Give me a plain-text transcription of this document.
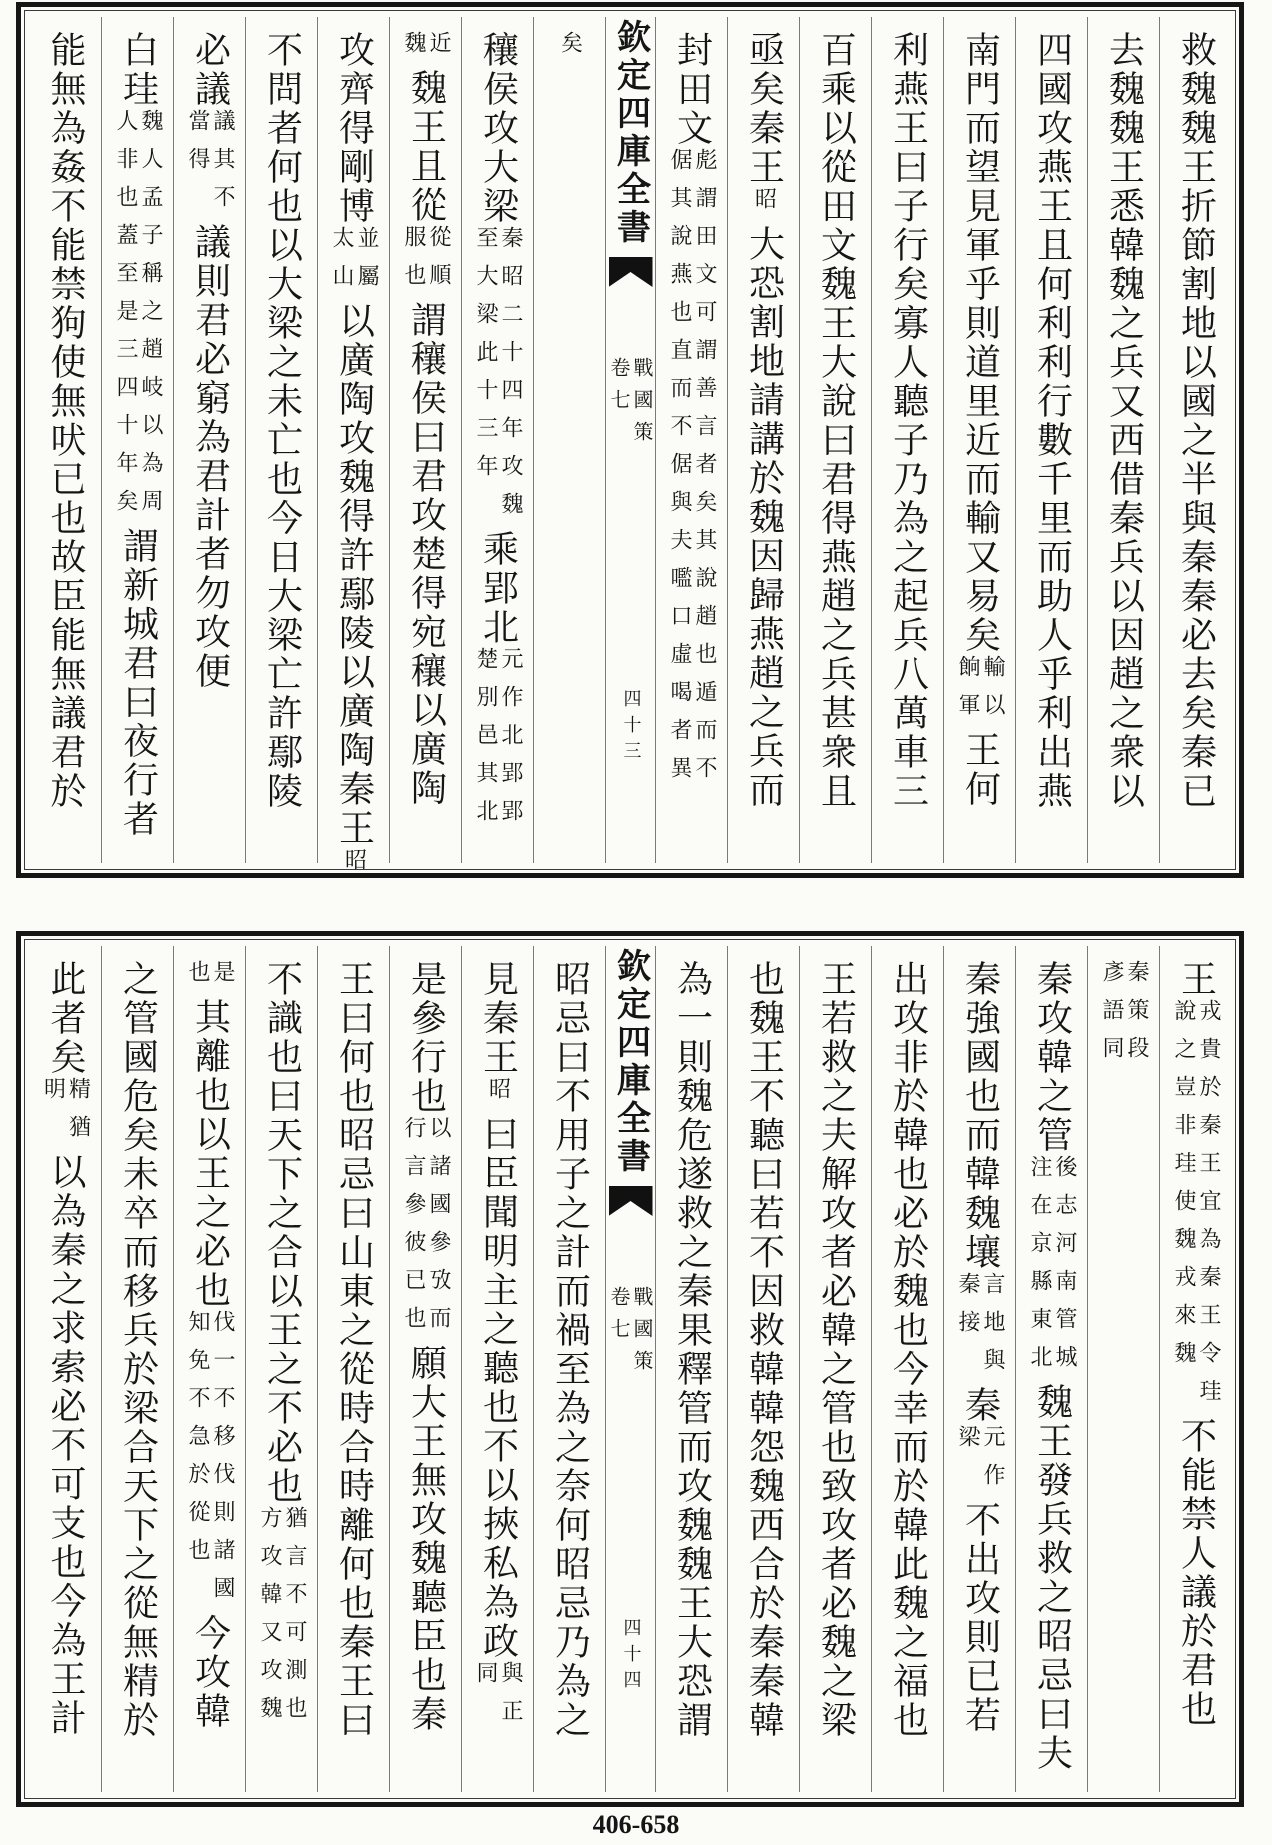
救魏魏王折節割地以國之半與秦秦必去矣秦已
去魏魏王悉韓魏之兵又西借秦兵以因趙之衆以
四國攻燕王且何利利行數千里而助人乎利出燕
南門而望見軍乎則道里近而輸又易矣
輸以
餉軍
王何
利燕王曰子行矣寡人聽子乃為之起兵八萬車三
百乘以從田文魏王大說曰君得燕趙之兵甚衆且
亟矣秦王
昭
大恐割地請講於魏因歸燕趙之兵而
封田文
彪謂田文可謂善言者矣其說趙也遁而不
倨其說燕也直而不倨與夫嚂口虛喝者異
欽定四庫全書
戰國策
卷七
四十三
矣
穰侯攻大梁
秦昭二十四年攻魏
至大梁此十三年
乘郢北
元作北郢郢
楚別邑其北
近
魏
魏王且從
從順
服也
謂穰侯曰君攻楚得宛穰以廣陶
攻齊得剛博
並屬
太山
以廣陶攻魏得許鄢陵以廣陶秦王
昭
不問者何也以大梁之未亡也今日大梁亡許鄢陵
必議
議其不
當得
議則君必窮為君計者勿攻便
白珪
魏人孟子稱之趙岐以為周
人非也蓋至是三四十年矣
謂新城君曰夜行者
能無為姦不能禁狗使無吠已也故臣能無議君於
王
戎貴於秦王宜為秦王令珪
說之豈非珪使魏戎來魏
不能禁人議於君也
秦策段
彥語同
秦攻韓之管
後志河南管城
注在京縣東北
魏王發兵救之昭忌曰夫
秦強國也而韓魏壤
言地與
秦接
秦
元作
梁
不出攻則已若
出攻非於韓也必於魏也今幸而於韓此魏之福也
王若救之夫解攻者必韓之管也致攻者必魏之梁
也魏王不聽曰若不因救韓韓怨魏西合於秦秦韓
為一則魏危遂救之秦果釋管而攻魏魏王大恐謂
欽定四庫全書
戰國策
卷七
四十四
昭忌曰不用子之計而禍至為之奈何昭忌乃為之
見秦王
昭
曰臣聞明主之聽也不以挾私為政
與正
同
是參行也
以諸國參攷而
行言參彼已也
願大王無攻魏聽臣也秦
王曰何也昭忌曰山東之從時合時離何也秦王曰
不識也曰天下之合以王之不必也
猶言不可測也
方攻韓又攻魏
是
也
其離也以王之必也
伐一不移伐則諸國
知免不急於從也
今攻韓
之管國危矣未卒而移兵於梁合天下之從無精於
此者矣
精猶
明
以為秦之求索必不可支也今為王計
406-658
